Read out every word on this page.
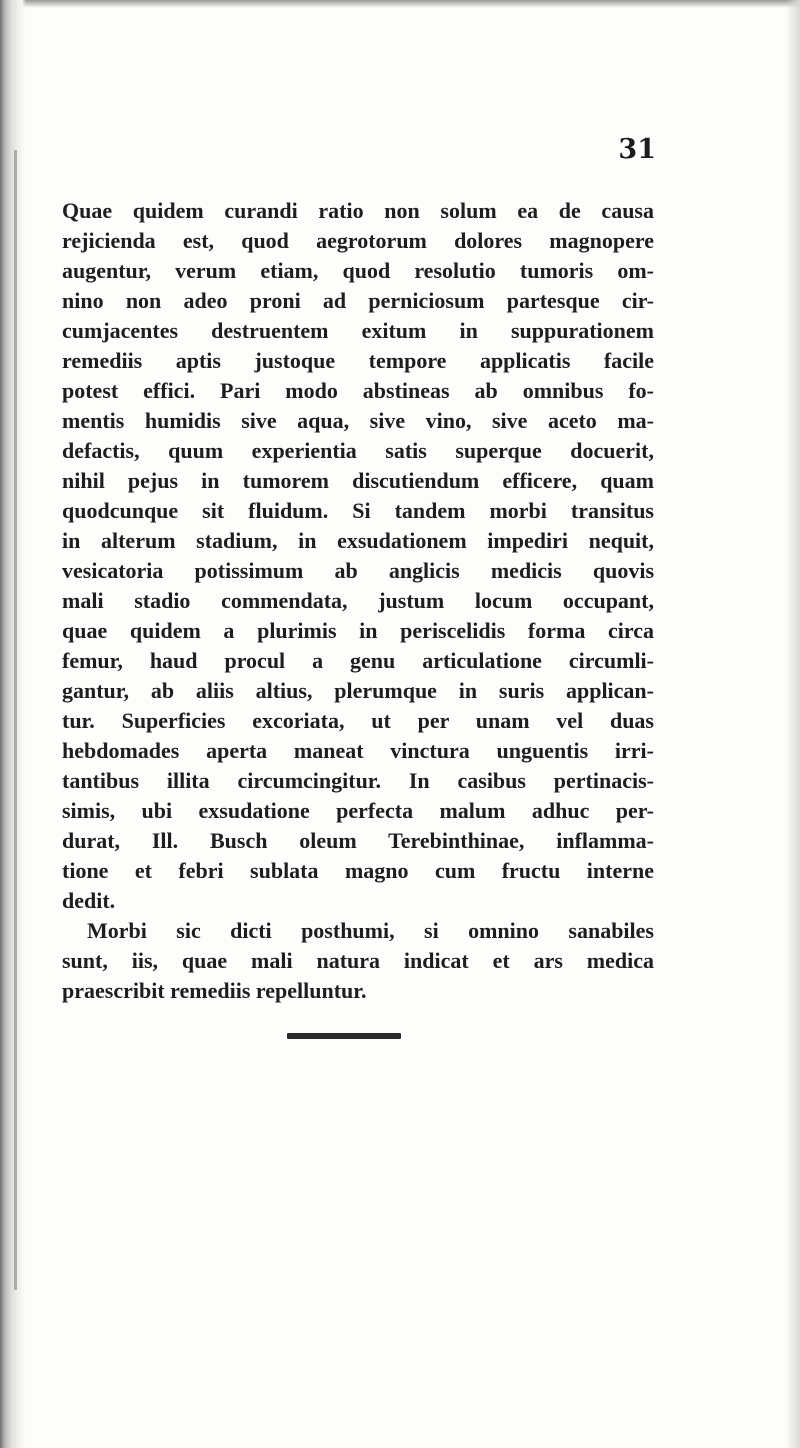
31
Quae quidem curandi ratio non solum ea de causa
rejicienda est, quod aegrotorum dolores magnopere
augentur, verum etiam, quod resolutio tumoris om-
nino non adeo proni ad perniciosum partesque cir-
cumjacentes destruentem exitum in suppurationem
remediis aptis justoque tempore applicatis facile
potest effici. Pari modo abstineas ab omnibus fo-
mentis humidis sive aqua, sive vino, sive aceto ma-
defactis, quum experientia satis superque docuerit,
nihil pejus in tumorem discutiendum efficere, quam
quodcunque sit fluidum. Si tandem morbi transitus
in alterum stadium, in exsudationem impediri nequit,
vesicatoria potissimum ab anglicis medicis quovis
mali stadio commendata, justum locum occupant,
quae quidem a plurimis in periscelidis forma circa
femur, haud procul a genu articulatione circumli-
gantur, ab aliis altius, plerumque in suris applican-
tur. Superficies excoriata, ut per unam vel duas
hebdomades aperta maneat vinctura unguentis irri-
tantibus illita circumcingitur. In casibus pertinacis-
simis, ubi exsudatione perfecta malum adhuc per-
durat, Ill. Busch oleum Terebinthinae, inflamma-
tione et febri sublata magno cum fructu interne
dedit.
Morbi sic dicti posthumi, si omnino sanabiles
sunt, iis, quae mali natura indicat et ars medica
praescribit remediis repelluntur.
